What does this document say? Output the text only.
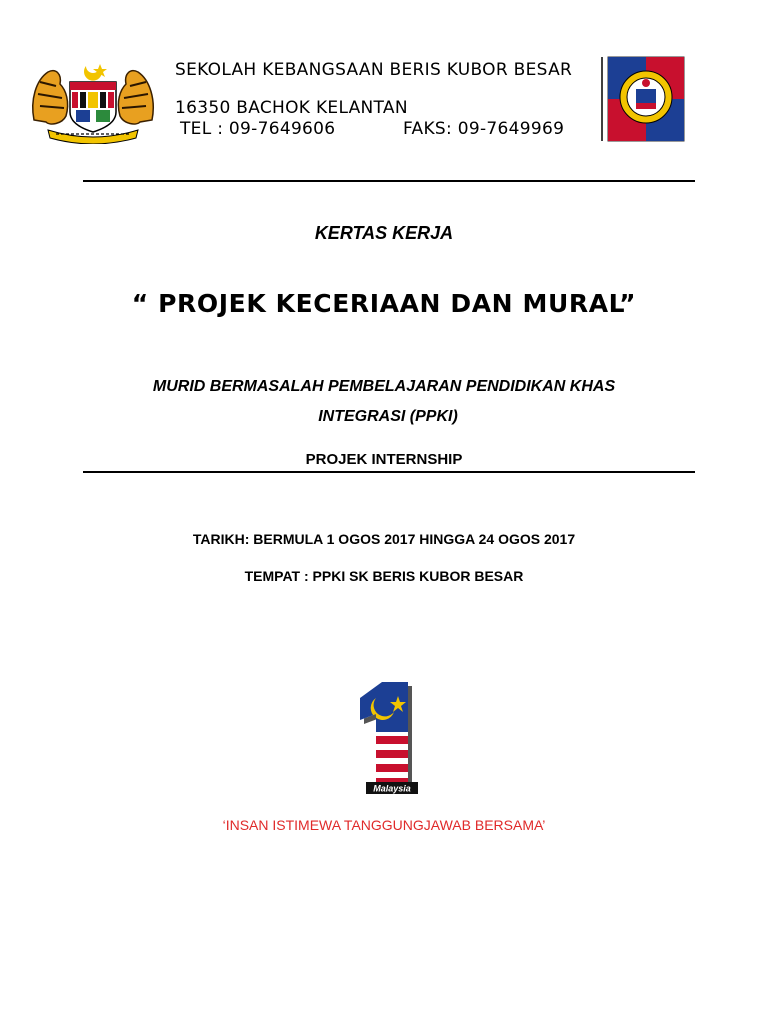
SEKOLAH KEBANGSAAN BERIS KUBOR BESAR
16350 BACHOK KELANTAN
TEL : 09-7649606	FAKS: 09-7649969
KERTAS KERJA
“ PROJEK KECERIAAN DAN MURAL”
MURID BERMASALAH PEMBELAJARAN PENDIDIKAN KHAS
INTEGRASI (PPKI)
PROJEK INTERNSHIP
TARIKH: BERMULA 1 OGOS 2017 HINGGA 24 OGOS 2017
TEMPAT : PPKI SK BERIS KUBOR BESAR
Malaysia
‘INSAN ISTIMEWA TANGGUNGJAWAB BERSAMA’
